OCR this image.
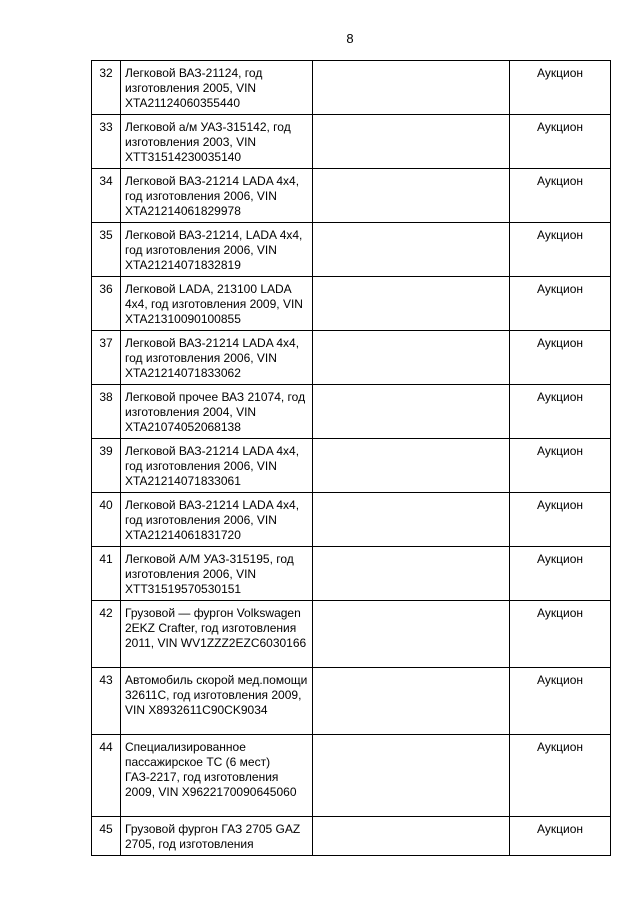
8
32	Легковой ВАЗ-21124, год изготовления 2005, VIN XTA21124060355440		Аукцион
33	Легковой а/м УАЗ-315142, год изготовления 2003, VIN XTT31514230035140		Аукцион
34	Легковой ВАЗ-21214 LADA 4х4, год изготовления 2006, VIN XTA21214061829978		Аукцион
35	Легковой ВАЗ-21214, LADA 4х4, год изготовления 2006, VIN XTA21214071832819		Аукцион
36	Легковой LADA, 213100 LADA 4х4, год изготовления 2009, VIN XTA21310090100855		Аукцион
37	Легковой ВАЗ-21214 LADA 4х4, год изготовления 2006, VIN XTA21214071833062		Аукцион
38	Легковой прочее ВАЗ 21074, год изготовления 2004, VIN XTA21074052068138		Аукцион
39	Легковой ВАЗ-21214 LADA 4х4, год изготовления 2006, VIN XTA21214071833061		Аукцион
40	Легковой ВАЗ-21214 LADA 4х4, год изготовления 2006, VIN XTA21214061831720		Аукцион
41	Легковой А/М УАЗ-315195, год изготовления 2006, VIN XTT31519570530151		Аукцион
42	Грузовой — фургон Volkswagen 2EKZ Crafter, год изготовления 2011, VIN WV1ZZZ2EZC6030166		Аукцион
43	Автомобиль скорой мед.помощи 32611С, год изготовления 2009, VIN X8932611C90CK9034		Аукцион
44	Специализированное пассажирское ТС (6 мест) ГАЗ-2217, год изготовления 2009, VIN X9622170090645060		Аукцион
45	Грузовой фургон ГАЗ 2705 GAZ 2705, год изготовления		Аукцион
